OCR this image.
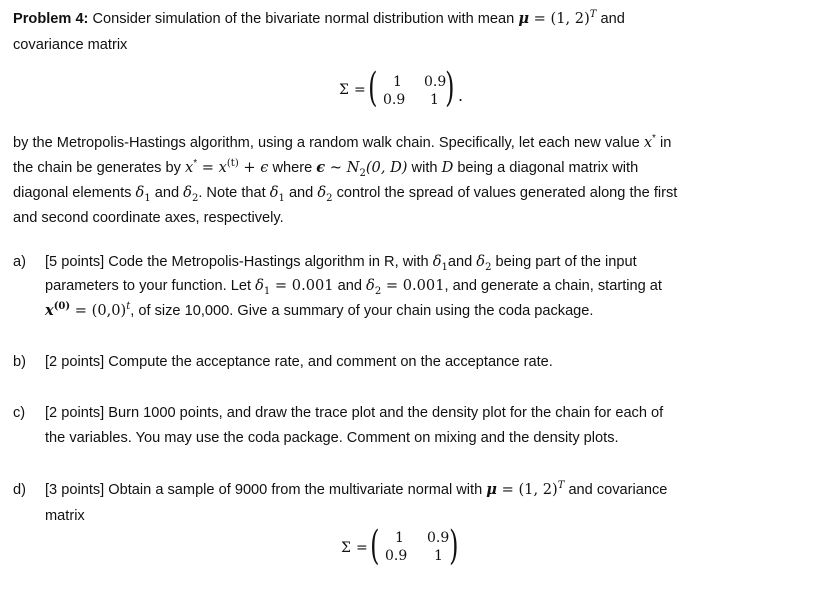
Problem 4: Consider simulation of the bivariate normal distribution with mean μ = (1, 2)$^T$ and
covariance matrix
Σ = ( 1 0.9
0.9 1 ) .
by the Metropolis-Hastings algorithm, using a random walk chain. Specifically, let each new value x* in
the chain be generates by $x^* = x^{(t)} + \epsilon$ where ϵ ~ $N_2(0$, D) with D being a diagonal matrix with
diagonal elements $\delta_1$ and $\delta_2$. Note that $\delta_1$ and $\delta_2$ control the spread of values generated along the first
and second coordinate axes, respectively.
a) [5 points] Code the Metropolis-Hastings algorithm in R, with $\delta_1and$ $\delta_2$ being part of the input
parameters to your function. Let $\delta_1 = 0.001$ and $\delta_2 = 0.001$, and generate a chain, starting at
$x^{(0)} = (0,0)^t$, of size 10,000. Give a summary of your chain using the coda package.
b) [2 points] Compute the acceptance rate, and comment on the acceptance rate.
c) [2 points] Burn 1000 points, and draw the trace plot and the density plot for the chain for each of
the variables. You may use the coda package. Comment on mixing and the density plots.
d) [3 points] Obtain a sample of 9000 from the multivariate normal with μ = (1, 2)$^T$ and covariance
matrix
Σ = ( 1 0.9
0.9 1 )
